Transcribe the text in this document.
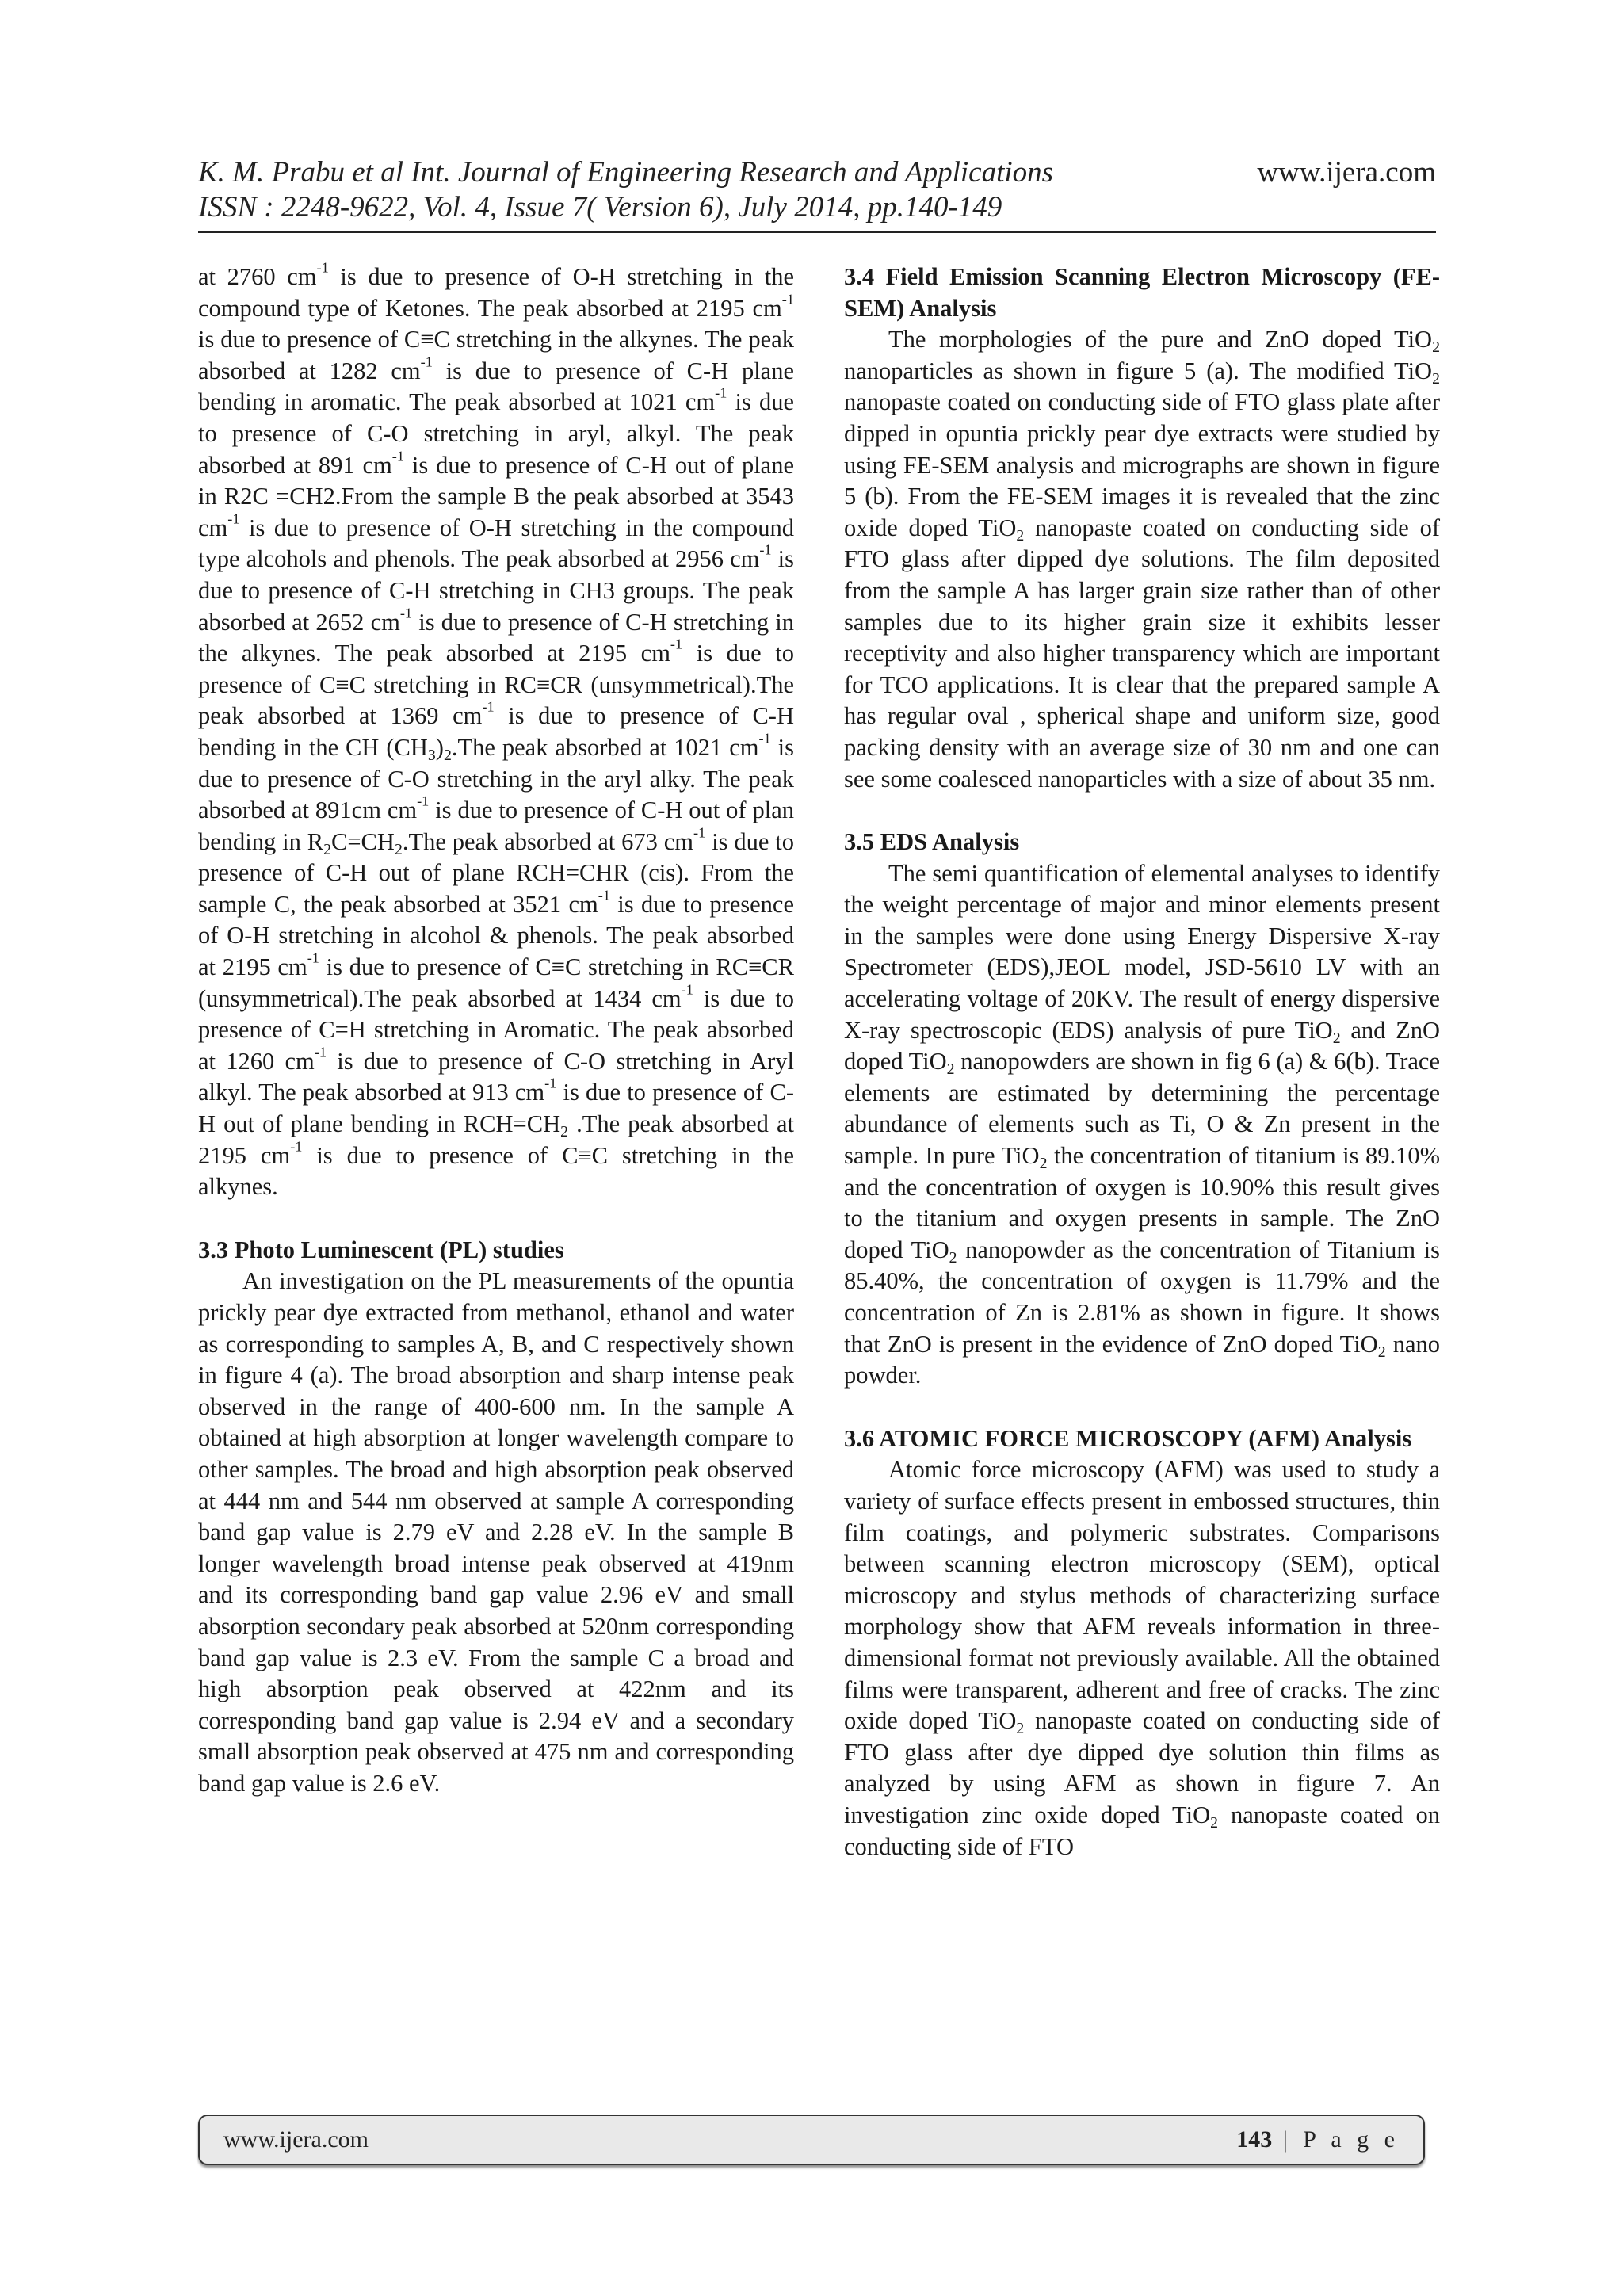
K. M. Prabu et al Int. Journal of Engineering Research and Applications	www.ijera.com
ISSN : 2248-9622, Vol. 4, Issue 7( Version 6), July 2014, pp.140-149

at 2760 $cm^{-1}$ is due to presence of O-H stretching in the compound type of Ketones. The peak absorbed at 2195 $cm^{-1}$ is due to presence of C≡C stretching in the alkynes. The peak absorbed at 1282 $cm^{-1}$ is due to presence of C-H plane bending in aromatic. The peak absorbed at 1021 $cm^{-1}$ is due to presence of C-O stretching in aryl, alkyl. The peak absorbed at 891 $cm^{-1}$ is due to presence of C-H out of plane in R2C =CH2.From the sample B the peak absorbed at 3543 $cm^{-1}$ is due to presence of O-H stretching in the compound type alcohols and phenols. The peak absorbed at 2956 $cm^{-1}$ is due to presence of C-H stretching in CH3 groups. The peak absorbed at 2652 $cm^{-1}$ is due to presence of C-H stretching in the alkynes. The peak absorbed at 2195 $cm^{-1}$ is due to presence of C≡C stretching in RC≡CR (unsymmetrical).The peak absorbed at 1369 $cm^{-1}$ is due to presence of C-H bending in the CH $(CH_3)_2.The$ peak absorbed at 1021 $cm^{-1}$ is due to presence of C-O stretching in the aryl alky. The peak absorbed at 891cm $cm^{-1}$ is due to presence of C-H out of plan bending in $R_2C=CH_2.The$ peak absorbed at 673 $cm^{-1}$ is due to presence of C-H out of plane RCH=CHR (cis). From the sample C, the peak absorbed at 3521 $cm^{-1}$ is due to presence of O-H stretching in alcohol & phenols. The peak absorbed at 2195 $cm^{-1}$ is due to presence of C≡C stretching in RC≡CR (unsymmetrical).The peak absorbed at 1434 $cm^{-1}$ is due to presence of C=H stretching in Aromatic. The peak absorbed at 1260 $cm^{-1}$ is due to presence of C-O stretching in Aryl alkyl. The peak absorbed at 913 $cm^{-1}$ is due to presence of C-H out of plane bending in $RCH=CH_2$ .The peak absorbed at 2195 $cm^{-1}$ is due to presence of C≡C stretching in the alkynes.

3.3 Photo Luminescent (PL) studies

An investigation on the PL measurements of the opuntia prickly pear dye extracted from methanol, ethanol and water as corresponding to samples A, B, and C respectively shown in figure 4 (a). The broad absorption and sharp intense peak observed in the range of 400-600 nm. In the sample A obtained at high absorption at longer wavelength compare to other samples. The broad and high absorption peak observed at 444 nm and 544 nm observed at sample A corresponding band gap value is 2.79 eV and 2.28 eV. In the sample B longer wavelength broad intense peak observed at 419nm and its corresponding band gap value 2.96 eV and small absorption secondary peak absorbed at 520nm corresponding band gap value is 2.3 eV. From the sample C a broad and high absorption peak observed at 422nm and its corresponding band gap value is 2.94 eV and a secondary small absorption peak observed at 475 nm and corresponding band gap value is 2.6 eV.

3.4 Field Emission Scanning Electron Microscopy (FE-SEM) Analysis

The morphologies of the pure and ZnO doped TiO$_2$ nanoparticles as shown in figure 5 (a). The modified TiO$_2$ nanopaste coated on conducting side of FTO glass plate after dipped in opuntia prickly pear dye extracts were studied by using FE-SEM analysis and micrographs are shown in figure 5 (b). From the FE-SEM images it is revealed that the zinc oxide doped TiO$_2$ nanopaste coated on conducting side of FTO glass after dipped dye solutions. The film deposited from the sample A has larger grain size rather than of other samples due to its higher grain size it exhibits lesser receptivity and also higher transparency which are important for TCO applications. It is clear that the prepared sample A has regular oval , spherical shape and uniform size, good packing density with an average size of 30 nm and one can see some coalesced nanoparticles with a size of about 35 nm.

3.5 EDS Analysis

The semi quantification of elemental analyses to identify the weight percentage of major and minor elements present in the samples were done using Energy Dispersive X-ray Spectrometer (EDS),JEOL model, JSD-5610 LV with an accelerating voltage of 20KV. The result of energy dispersive X-ray spectroscopic (EDS) analysis of pure TiO$_2$ and ZnO doped TiO$_2$ nanopowders are shown in fig 6 (a) & 6(b). Trace elements are estimated by determining the percentage abundance of elements such as Ti, O & Zn present in the sample. In pure TiO$_2$ the concentration of titanium is 89.10% and the concentration of oxygen is 10.90% this result gives to the titanium and oxygen presents in sample. The ZnO doped TiO$_2$ nanopowder as the concentration of Titanium is 85.40%, the concentration of oxygen is 11.79% and the concentration of Zn is 2.81% as shown in figure. It shows that ZnO is present in the evidence of ZnO doped TiO$_2$ nano powder.

3.6 ATOMIC FORCE MICROSCOPY (AFM) Analysis

Atomic force microscopy (AFM) was used to study a variety of surface effects present in embossed structures, thin film coatings, and polymeric substrates. Comparisons between scanning electron microscopy (SEM), optical microscopy and stylus methods of characterizing surface morphology show that AFM reveals information in three-dimensional format not previously available. All the obtained films were transparent, adherent and free of cracks. The zinc oxide doped TiO$_2$ nanopaste coated on conducting side of FTO glass after dye dipped dye solution thin films as analyzed by using AFM as shown in figure 7. An investigation zinc oxide doped TiO$_2$ nanopaste coated on conducting side of FTO

www.ijera.com	143 | P a g e
